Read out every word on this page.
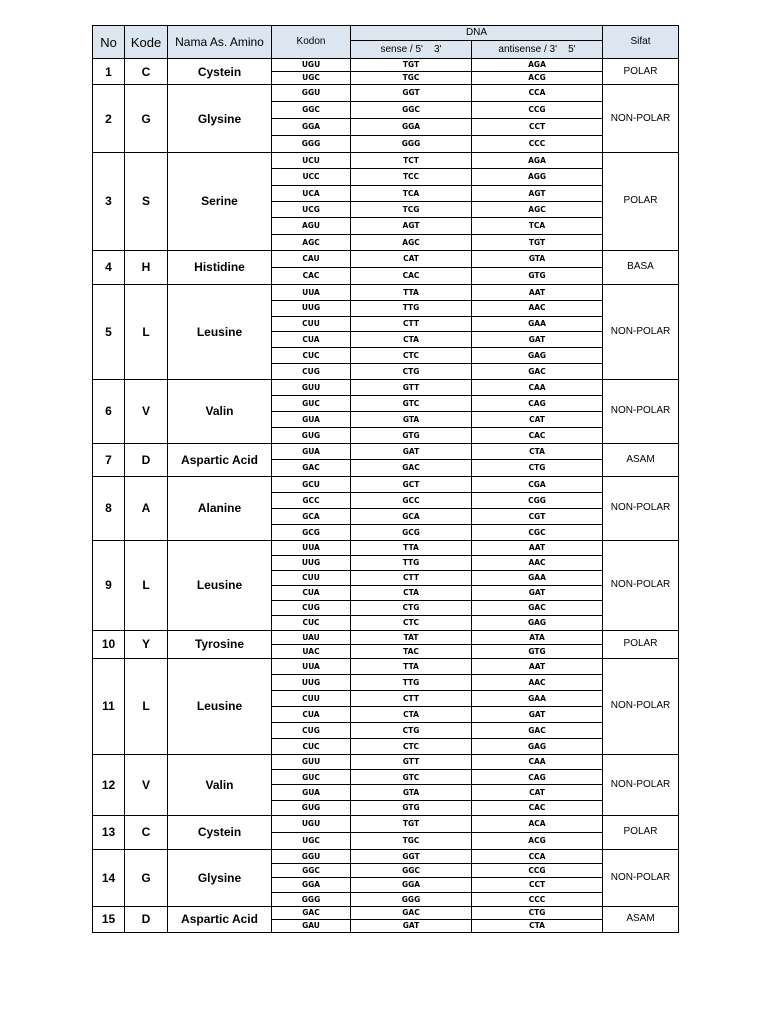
No	Kode	Nama As. Amino	Kodon	DNA		Sifat
				sense / 5'    3'	antisense / 3'    5'	
1	C	Cystein	UGU	TGT	AGA	POLAR
			UGC	TGC	ACG	
2	G	Glysine	GGU	GGT	CCA	NON-POLAR
			GGC	GGC	CCG	
			GGA	GGA	CCT	
			GGG	GGG	CCC	
3	S	Serine	UCU	TCT	AGA	POLAR
			UCC	TCC	AGG	
			UCA	TCA	AGT	
			UCG	TCG	AGC	
			AGU	AGT	TCA	
			AGC	AGC	TGT	
4	H	Histidine	CAU	CAT	GTA	BASA
			CAC	CAC	GTG	
5	L	Leusine	UUA	TTA	AAT	NON-POLAR
			UUG	TTG	AAC	
			CUU	CTT	GAA	
			CUA	CTA	GAT	
			CUC	CTC	GAG	
			CUG	CTG	GAC	
6	V	Valin	GUU	GTT	CAA	NON-POLAR
			GUC	GTC	CAG	
			GUA	GTA	CAT	
			GUG	GTG	CAC	
7	D	Aspartic Acid	GUA	GAT	CTA	ASAM
			GAC	GAC	CTG	
8	A	Alanine	GCU	GCT	CGA	NON-POLAR
			GCC	GCC	CGG	
			GCA	GCA	CGT	
			GCG	GCG	CGC	
9	L	Leusine	UUA	TTA	AAT	NON-POLAR
			UUG	TTG	AAC	
			CUU	CTT	GAA	
			CUA	CTA	GAT	
			CUG	CTG	GAC	
			CUC	CTC	GAG	
10	Y	Tyrosine	UAU	TAT	ATA	POLAR
			UAC	TAC	GTG	
11	L	Leusine	UUA	TTA	AAT	NON-POLAR
			UUG	TTG	AAC	
			CUU	CTT	GAA	
			CUA	CTA	GAT	
			CUG	CTG	GAC	
			CUC	CTC	GAG	
12	V	Valin	GUU	GTT	CAA	NON-POLAR
			GUC	GTC	CAG	
			GUA	GTA	CAT	
			GUG	GTG	CAC	
13	C	Cystein	UGU	TGT	ACA	POLAR
			UGC	TGC	ACG	
14	G	Glysine	GGU	GGT	CCA	NON-POLAR
			GGC	GGC	CCG	
			GGA	GGA	CCT	
			GGG	GGG	CCC	
15	D	Aspartic Acid	GAC	GAC	CTG	ASAM
			GAU	GAT	CTA	
